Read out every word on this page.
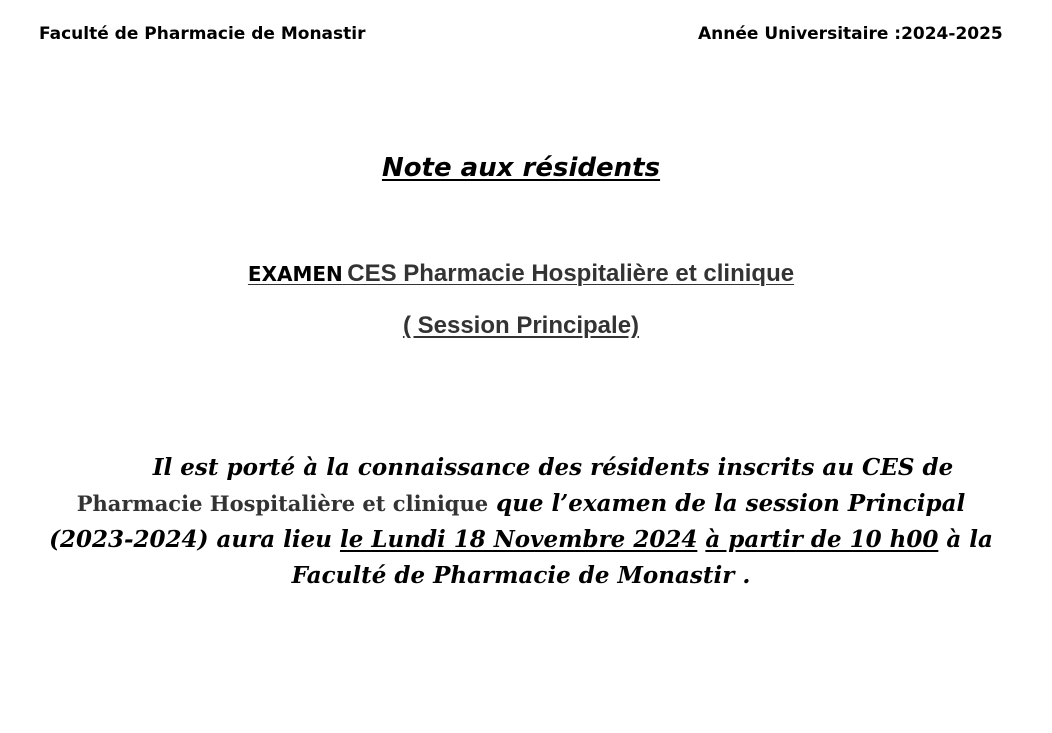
Faculté de Pharmacie de Monastir	Année Universitaire :2024-2025
Note aux résidents
EXAMEN CES Pharmacie Hospitalière et clinique
( Session Principale)
Il est porté à la connaissance des résidents inscrits au CES de Pharmacie Hospitalière et clinique que l’examen de la session Principal (2023-2024) aura lieu le Lundi 18 Novembre 2024 à partir de 10 h00 à la Faculté de Pharmacie de Monastir .
